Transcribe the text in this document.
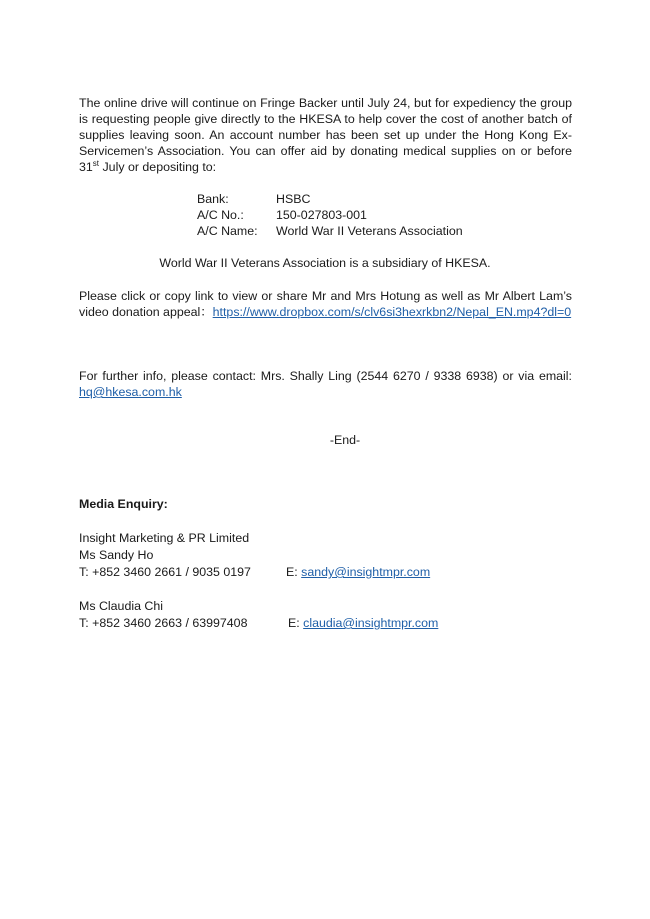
The online drive will continue on Fringe Backer until July 24, but for expediency the group is requesting people give directly to the HKESA to help cover the cost of another batch of supplies leaving soon. An account number has been set up under the Hong Kong Ex-Servicemen’s Association. You can offer aid by donating medical supplies on or before 31st July or depositing to:
Bank:	HSBC
A/C No.:	150-027803-001
A/C Name: World War II Veterans Association
World War II Veterans Association is a subsidiary of HKESA.
Please click or copy link to view or share Mr and Mrs Hotung as well as Mr Albert Lam’s video donation appeal：https://www.dropbox.com/s/clv6si3hexrkbn2/Nepal_EN.mp4?dl=0
For further info, please contact: Mrs. Shally Ling (2544 6270 / 9338 6938) or via email: hq@hkesa.com.hk
-End-
Media Enquiry:
Insight Marketing & PR Limited
Ms Sandy Ho
T: +852 3460 2661 / 9035 0197	E: sandy@insightmpr.com
Ms Claudia Chi
T: +852 3460 2663 / 63997408	E: claudia@insightmpr.com
